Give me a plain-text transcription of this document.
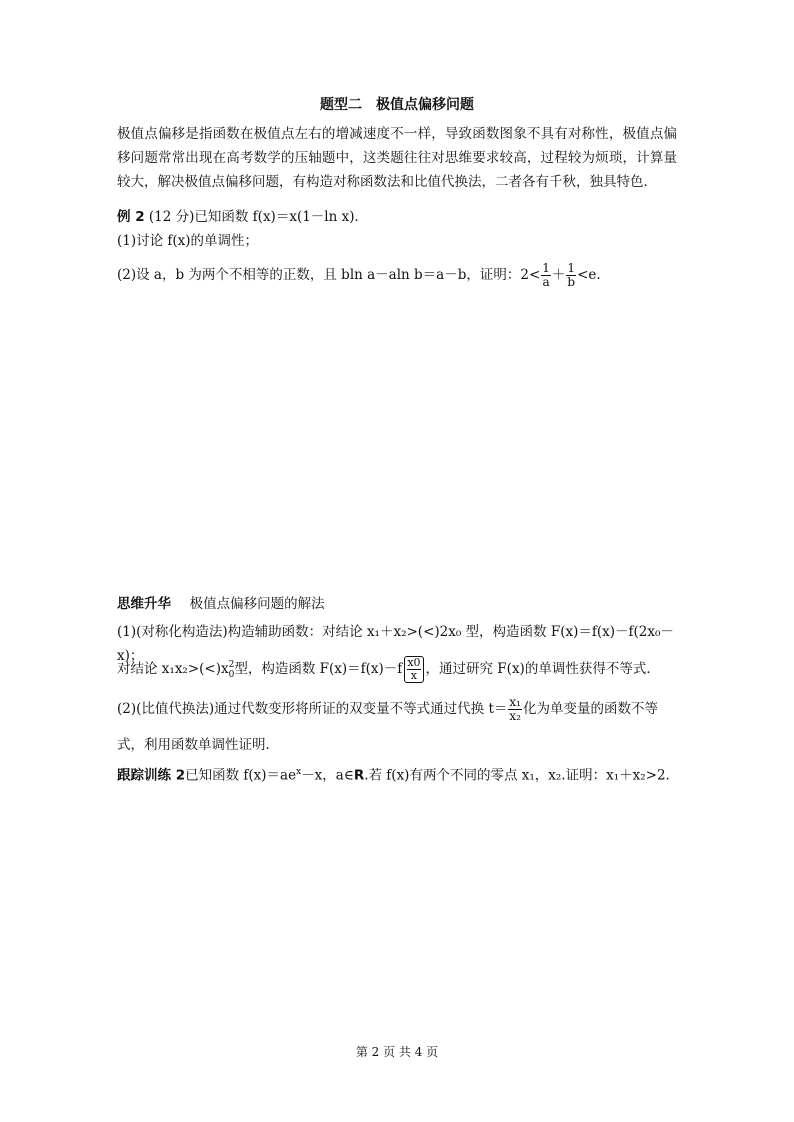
题型二 极值点偏移问题
极值点偏移是指函数在极值点左右的增减速度不一样，导致函数图象不具有对称性，极值点偏移问题常常出现在高考数学的压轴题中，这类题往往对思维要求较高，过程较为烦琐，计算量较大，解决极值点偏移问题，有构造对称函数法和比值代换法，二者各有千秋，独具特色．
例 2 (12 分)已知函数 f(x)＝x(1－ln x)．
(1)讨论 f(x)的单调性；
(2)设 a，b 为两个不相等的正数，且 bln a－aln b＝a－b，证明：$2< \frac{1}{a} + \frac{1}{b} <e$.
思维升华 极值点偏移问题的解法
(1)(对称化构造法)构造辅助函数：对结论 x₁＋x₂>(<)2x₀ 型，构造函数 F(x)＝f(x)－f(2x₀－x)；
对结论 x₁x₂>(<)x 2
0 型，构造函数 $F(x)=f(x)-f \frac{x0}{x}$ ，通过研究 F(x)的单调性获得不等式．
(2)(比值代换法)通过代数变形将所证的双变量不等式通过代换 $t= \frac{\text{x₁}}{\text{x₂}}$ 化为单变量的函数不等
式，利用函数单调性证明．
跟踪训练 2已知函数 $f(x)=ae^x-x$，a∈R.若 f(x)有两个不同的零点 x₁，x₂.证明：x₁＋x₂>2.
第 2 页 共 4 页
